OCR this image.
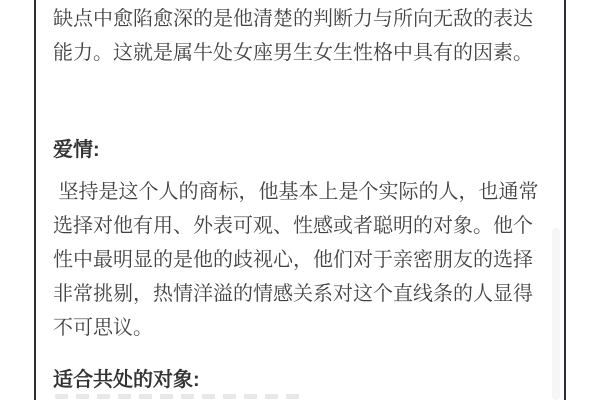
缺点中愈陷愈深的是他清楚的判断力与所向无敌的表达
能力。这就是属牛处女座男生女生性格中具有的因素。
爱情:
坚持是这个人的商标，他基本上是个实际的人，也通常
选择对他有用、外表可观、性感或者聪明的对象。他个
性中最明显的是他的歧视心，他们对于亲密朋友的选择
非常挑剔，热情洋溢的情感关系对这个直线条的人显得
不可思议。
适合共处的对象:
